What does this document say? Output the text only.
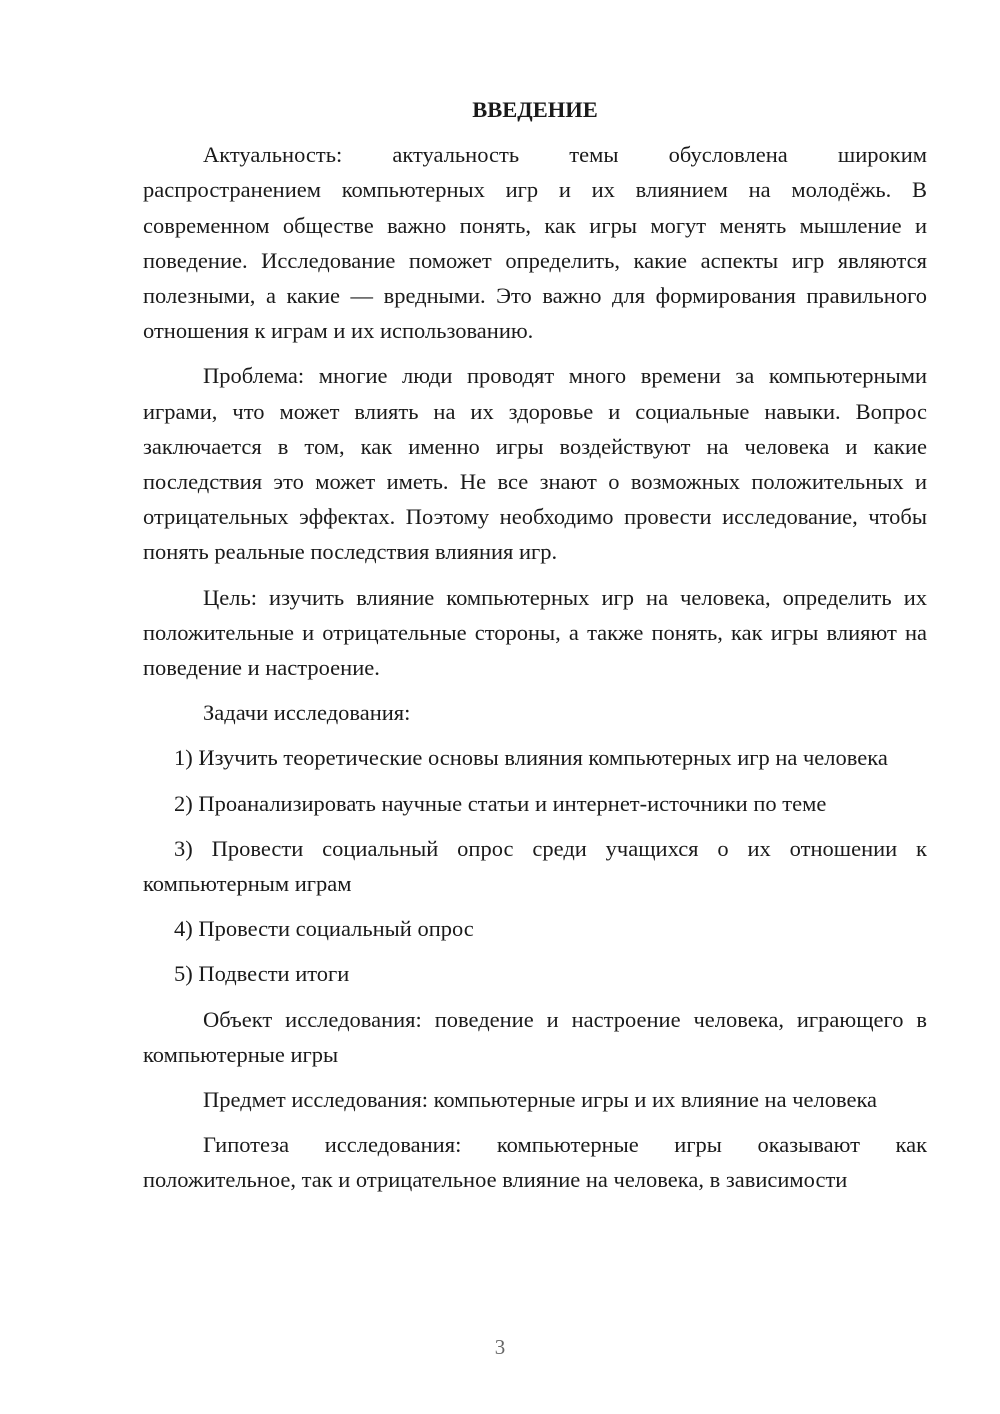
ВВЕДЕНИЕ

Актуальность: актуальность темы обусловлена широким распространением компьютерных игр и их влиянием на молодёжь. В современном обществе важно понять, как игры могут менять мышление и поведение. Исследование поможет определить, какие аспекты игр являются полезными, а какие — вредными. Это важно для формирования правильного отношения к играм и их использованию.

Проблема: многие люди проводят много времени за компьютерными играми, что может влиять на их здоровье и социальные навыки. Вопрос заключается в том, как именно игры воздействуют на человека и какие последствия это может иметь. Не все знают о возможных положительных и отрицательных эффектах. Поэтому необходимо провести исследование, чтобы понять реальные последствия влияния игр.

Цель: изучить влияние компьютерных игр на человека, определить их положительные и отрицательные стороны, а также понять, как игры влияют на поведение и настроение.

Задачи исследования:

1) Изучить теоретические основы влияния компьютерных игр на человека

2) Проанализировать научные статьи и интернет-источники по теме

3) Провести социальный опрос среди учащихся о их отношении к компьютерным играм

4) Провести социальный опрос

5) Подвести итоги

Объект исследования: поведение и настроение человека, играющего в компьютерные игры

Предмет исследования: компьютерные игры и их влияние на человека

Гипотеза исследования: компьютерные игры оказывают как положительное, так и отрицательное влияние на человека, в зависимости

3
